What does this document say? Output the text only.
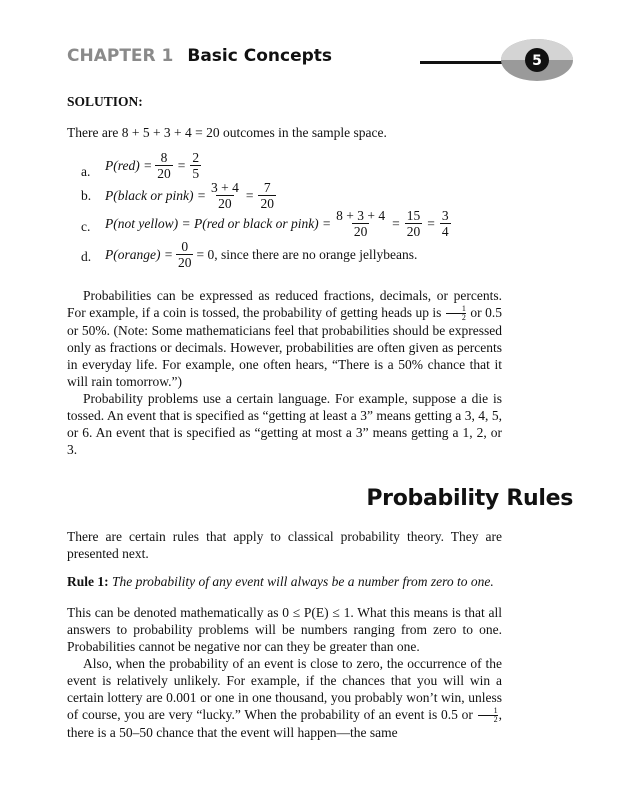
CHAPTER 1 Basic Concepts	5
SOLUTION:
There are 8 + 5 + 3 + 4 = 20 outcomes in the sample space.
a. $P(red) = \frac{8}{20} = \frac{2}{5}$
b. P(black or pink) = $\frac{3 + 4}{20} = \frac{7}{20}$
c. P(not yellow) = P(red or black or pink) = $\frac{8 + 3 + 4}{20} = \frac{15}{20} = \frac{3}{4}$
d. P(orange) = $\frac{0}{20} = 0$, since there are no orange jellybeans.

Probabilities can be expressed as reduced fractions, decimals, or percents. For example, if a coin is tossed, the probability of getting heads up is $\frac{1}{2}$ or 0.5 or 50%. (Note: Some mathematicians feel that probabilities should be expressed only as fractions or decimals. However, probabilities are often given as percents in everyday life. For example, one often hears, “There is a 50% chance that it will rain tomorrow.”)

Probability problems use a certain language. For example, suppose a die is tossed. An event that is specified as “getting at least a 3” means getting a 3, 4, 5, or 6. An event that is specified as “getting at most a 3” means getting a 1, 2, or 3.

Probability Rules

There are certain rules that apply to classical probability theory. They are presented next.

Rule 1: The probability of any event will always be a number from zero to one.

This can be denoted mathematically as 0 ≤ P(E) ≤ 1. What this means is that all answers to probability problems will be numbers ranging from zero to one. Probabilities cannot be negative nor can they be greater than one.

Also, when the probability of an event is close to zero, the occurrence of the event is relatively unlikely. For example, if the chances that you will win a certain lottery are 0.001 or one in one thousand, you probably won’t win, unless of course, you are very “lucky.” When the probability of an event is 0.5 or $\frac{1}{2}$ , there is a 50–50 chance that the event will happen—the same
